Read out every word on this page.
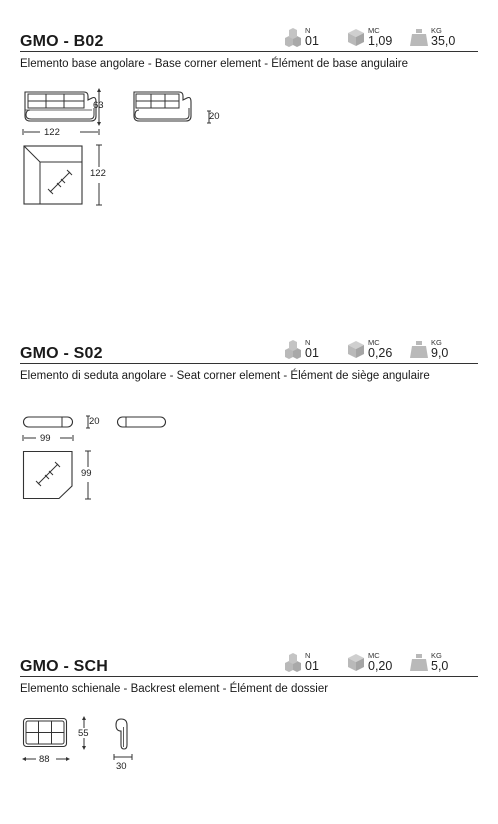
GMO - B02
N
01
MC
1,09
KG
35,0
Elemento base angolare - Base corner element - Élément de base angulaire
63
20
122
122
GMO - S02
N
01
MC
0,26
KG
9,0
Elemento di seduta angolare - Seat corner element - Élément de siège angulaire
20
99
99
GMO - SCH
N
01
MC
0,20
KG
5,0
Elemento schienale - Backrest element - Élément de dossier
55
88
30
